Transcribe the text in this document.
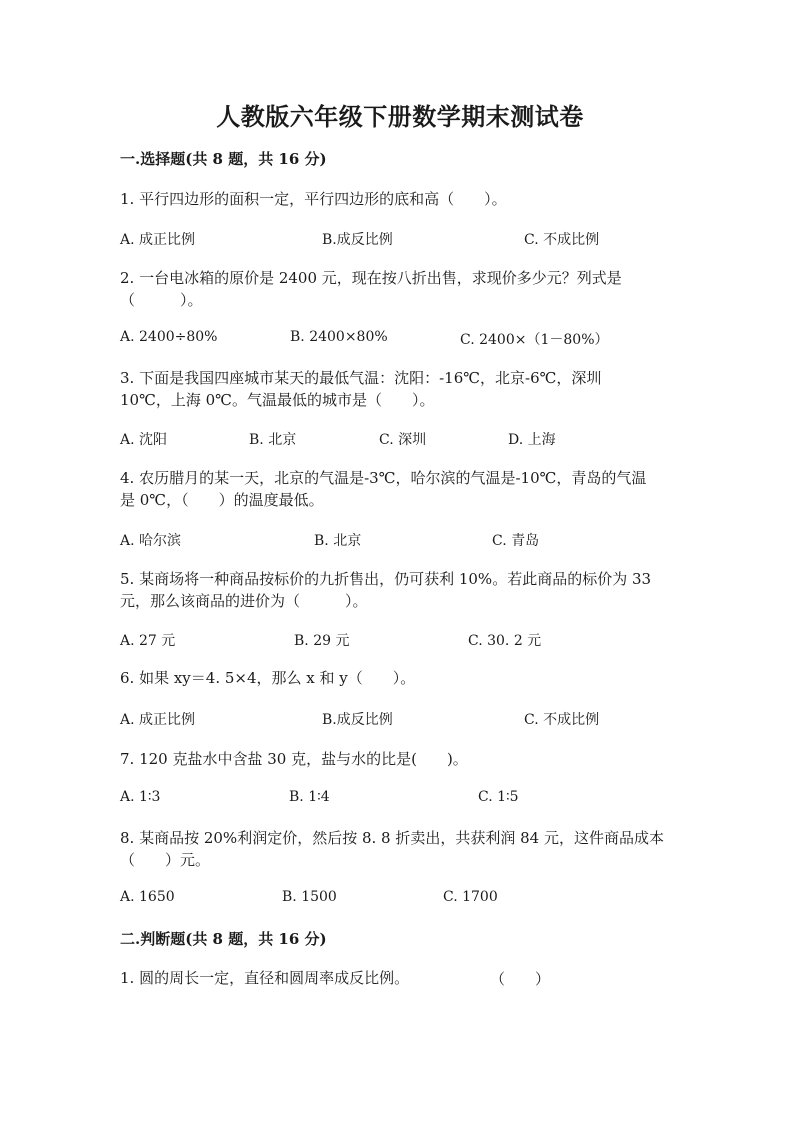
人教版六年级下册数学期末测试卷
一.选择题(共 8 题，共 16 分)

1. 平行四边形的面积一定，平行四边形的底和高（　　）。

A. 成正比例	B.成反比例	C. 不成比例

2. 一台电冰箱的原价是 2400 元，现在按八折出售，求现价多少元？列式是

（　　　）。

A. 2400÷80%	B. 2400×80%	C. 2400×（1－80%）

3. 下面是我国四座城市某天的最低气温：沈阳：-16℃，北京-6℃，深圳

10℃，上海 0℃。气温最低的城市是（　　）。

A. 沈阳	B. 北京	C. 深圳	D. 上海

4. 农历腊月的某一天，北京的气温是-3℃，哈尔滨的气温是-10℃，青岛的气温

是 0℃，（　　）的温度最低。

A. 哈尔滨	B. 北京	C. 青岛

5. 某商场将一种商品按标价的九折售出，仍可获利 10%。若此商品的标价为 33

元，那么该商品的进价为（　　　）。

A. 27 元	B. 29 元	C. 30. 2 元

6. 如果 xy＝4. 5×4，那么 x 和 y（　　）。

A. 成正比例	B.成反比例	C. 不成比例

7. 120 克盐水中含盐 30 克，盐与水的比是(　　)。

A. 1∶3	B. 1∶4	C. 1∶5

8. 某商品按 20%利润定价，然后按 8. 8 折卖出，共获利润 84 元，这件商品成本

（　　）元。

A. 1650	B. 1500	C. 1700
二.判断题(共 8 题，共 16 分)

1. 圆的周长一定，直径和圆周率成反比例。	（　　）
